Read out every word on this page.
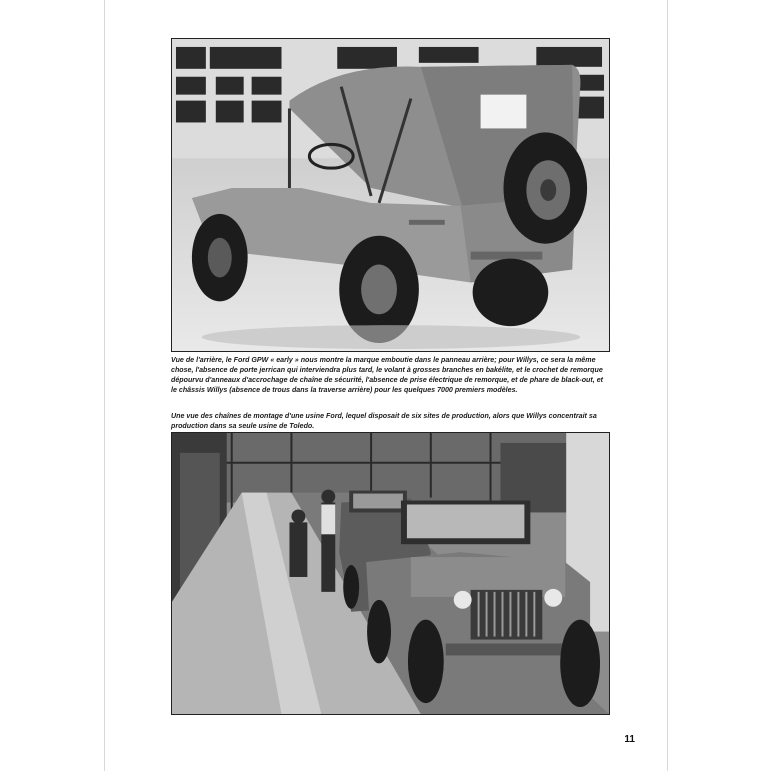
Vue de l'arrière, le Ford GPW « early » nous montre la marque emboutie dans le panneau arrière; pour Willys, ce sera la même chose, l'absence de porte jerrican qui interviendra plus tard, le volant à grosses branches en bakélite, et le crochet de remorque dépourvu d'anneaux d'accrochage de chaîne de sécurité, l'absence de prise électrique de remorque, et de phare de black-out, et le châssis Willys (absence de trous dans la traverse arrière) pour les quelques 7000 premiers modèles.

Une vue des chaînes de montage d'une usine Ford, lequel disposait de six sites de production, alors que Willys concentrait sa production dans sa seule usine de Toledo.

11
